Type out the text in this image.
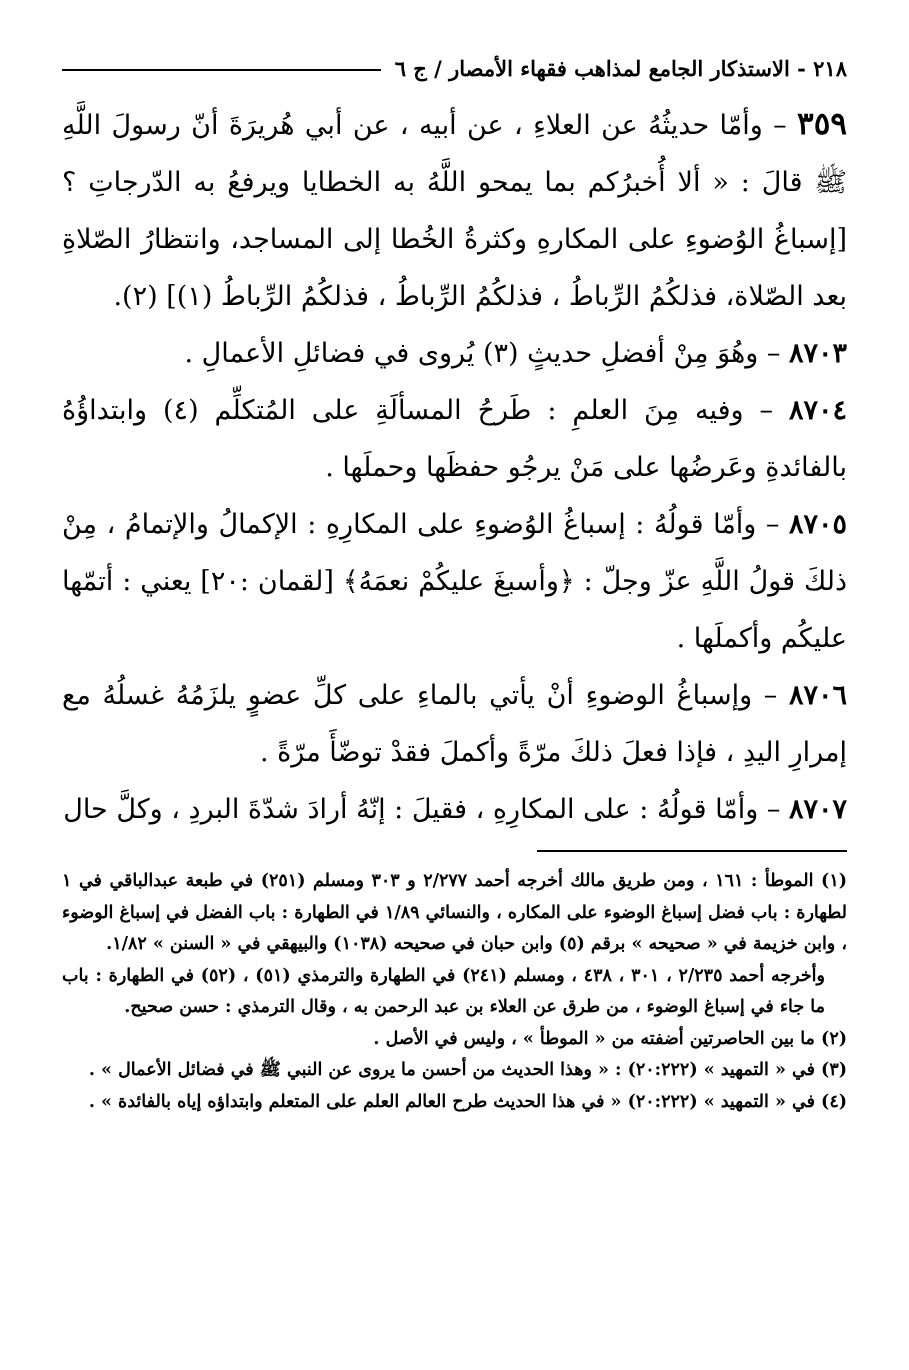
٢١٨ - الاستذكار الجامع لمذاهب فقهاء الأمصار / ج ٦

٣٥٩ – وأمّا حديثُهُ عن العلاءِ ، عن أبيه ، عن أبي هُريرَةَ أنّ رسولَ اللَّهِ ﷺ قالَ : « ألا أُخبرُكم بما يمحو اللَّهُ به الخطايا ويرفعُ به الدّرجاتِ ؟ [إسباغُ الوُضوءِ على المكارهِ وكثرةُ الخُطا إلى المساجد، وانتظارُ الصّلاةِ بعد الصّلاة، فذلكُمُ الرِّباطُ ، فذلكُمُ الرِّباطُ ، فذلكُمُ الرِّباطُ (١)] (٢).

٨٧٠٣ – وهُوَ مِنْ أفضلِ حديثٍ (٣) يُروى في فضائلِ الأعمالِ .

٨٧٠٤ – وفيه مِنَ العلمِ : طَرحُ المسألَةِ على المُتكلِّم (٤) وابتداؤُهُ بالفائدةِ وعَرضُها على مَنْ يرجُو حفظَها وحملَها .

٨٧٠٥ – وأمّا قولُهُ : إسباغُ الوُضوءِ على المكارِهِ : الإكمالُ والإتمامُ ، مِنْ ذلكَ قولُ اللَّهِ عزّ وجلّ : ﴿وأسبغَ عليكُمْ نعمَهُ﴾ [لقمان :٢٠] يعني : أتمّها عليكُم وأكملَها .

٨٧٠٦ – وإسباغُ الوضوءِ أنْ يأتي بالماءِ على كلِّ عضوٍ يلزَمُهُ غسلُهُ مع إمرارِ اليدِ ، فإذا فعلَ ذلكَ مرّةً وأكملَ فقدْ توضّأَ مرّةً .

٨٧٠٧ – وأمّا قولُهُ : على المكارِهِ ، فقيلَ : إنّهُ أرادَ شدّةَ البردِ ، وكلَّ حال

(١) الموطأ : ١٦١ ، ومن طريق مالك أخرجه أحمد ٢/٢٧٧ و ٣٠٣ ومسلم (٢٥١) في طبعة عبدالباقي في ١ لطهارة : باب فضل إسباغ الوضوء على المكاره ، والنسائي ١/٨٩ في الطهارة : باب الفضل في إسباغ الوضوء ، وابن خزيمة في « صحيحه » برقم (٥) وابن حبان في صحيحه (١٠٣٨) والبيهقي في « السنن » ١/٨٢.

وأخرجه أحمد ٢/٢٣٥ ، ٣٠١ ، ٤٣٨ ، ومسلم (٢٤١) في الطهارة والترمذي (٥١) ، (٥٢) في الطهارة : باب ما جاء في إسباغ الوضوء ، من طرق عن العلاء بن عبد الرحمن به ، وقال الترمذي : حسن صحيح.

(٢) ما بين الحاصرتين أضفته من « الموطأ » ، وليس في الأصل .

(٣) في « التمهيد » (٢٠:٢٢٢) : « وهذا الحديث من أحسن ما يروى عن النبي ﷺ في فضائل الأعمال » .

(٤) في « التمهيد » (٢٠:٢٢٢) « في هذا الحديث طرح العالم العلم على المتعلم وابتداؤه إياه بالفائدة » .
